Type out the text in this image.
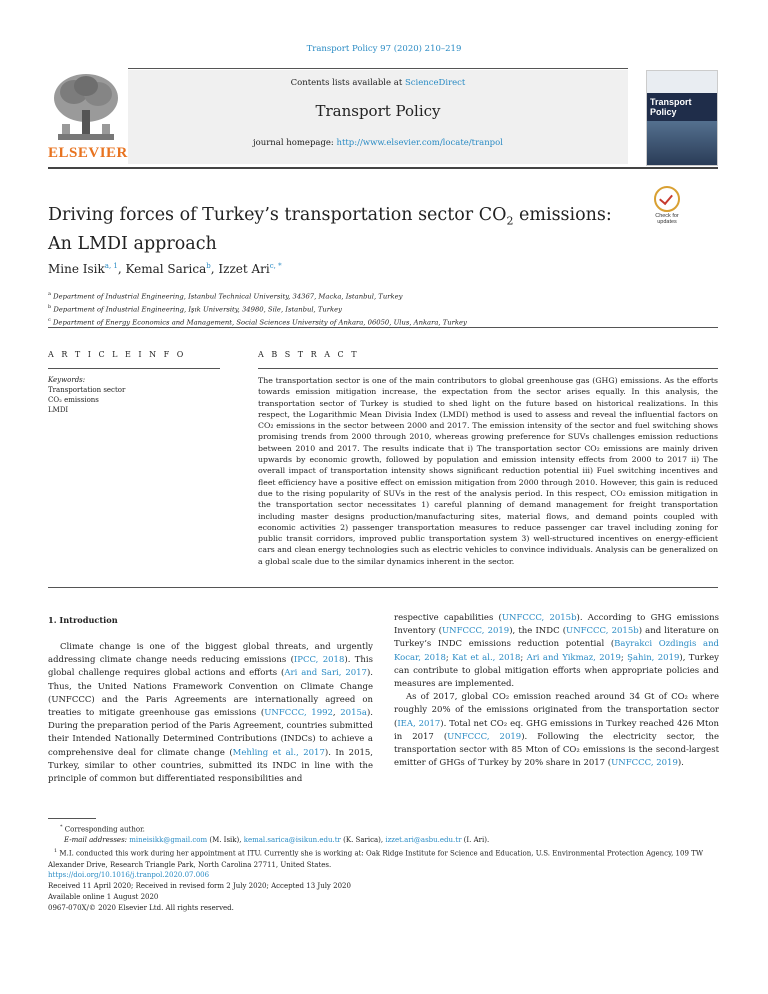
Transport Policy 97 (2020) 210–219
ELSEVIER
Contents lists available at ScienceDirect
Transport Policy
journal homepage: http://www.elsevier.com/locate/tranpol
Transport Policy
Check for updates
Driving forces of Turkey’s transportation sector $CO_2$ emissions: An LMDI approach
Mine Isik$^{a, 1}$, Kemal Sarica$^b$, Izzet Ari$^{c, *}$
$^a$ Department of Industrial Engineering, Istanbul Technical University, 34367, Macka, Istanbul, Turkey
$^b$ Department of Industrial Engineering, Işık University, 34980, Sile, Istanbul, Turkey
$^c$ Department of Energy Economics and Management, Social Sciences University of Ankara, 06050, Ulus, Ankara, Turkey
A R T I C L E I N F O	A B S T R A C T
Keywords:
Transportation sector
CO₂ emissions
LMDI
The transportation sector is one of the main contributors to global greenhouse gas (GHG) emissions. As the efforts towards emission mitigation increase, the expectation from the sector arises equally. In this analysis, the transportation sector of Turkey is studied to shed light on the future based on historical realizations. In this respect, the Logarithmic Mean Divisia Index (LMDI) method is used to assess and reveal the influential factors on CO₂ emissions in the sector between 2000 and 2017. The emission intensity of the sector and fuel switching shows promising trends from 2000 through 2010, whereas growing preference for SUVs challenges emission reductions between 2010 and 2017. The results indicate that i) The transportation sector CO₂ emissions are mainly driven upwards by economic growth, followed by population and emission intensity effects from 2000 to 2017 ii) The overall impact of transportation intensity shows significant reduction potential iii) Fuel switching incentives and fleet efficiency have a positive effect on emission mitigation from 2000 through 2010. However, this gain is reduced due to the rising popularity of SUVs in the rest of the analysis period. In this respect, CO₂ emission mitigation in the transportation sector necessitates 1) careful planning of demand management for freight transportation including master designs production/manufacturing sites, material flows, and demand points coupled with economic activities 2) passenger transportation measures to reduce passenger car travel including zoning for public transit corridors, improved public transportation system 3) well-structured incentives on energy-efficient cars and clean energy technologies such as electric vehicles to convince individuals. Analysis can be generalized on a global scale due to the similar dynamics inherent in the sector.
1. Introduction

Climate change is one of the biggest global threats, and urgently addressing climate change needs reducing emissions (IPCC, 2018). This global challenge requires global actions and efforts (Ari and Sari, 2017). Thus, the United Nations Framework Convention on Climate Change (UNFCCC) and the Paris Agreements are internationally agreed on treaties to mitigate greenhouse gas emissions (UNFCCC, 1992, 2015a). During the preparation period of the Paris Agreement, countries submitted their Intended Nationally Determined Contributions (INDCs) to achieve a comprehensive deal for climate change (Mehling et al., 2017). In 2015, Turkey, similar to other countries, submitted its INDC in line with the principle of common but differentiated responsibilities and

respective capabilities (UNFCCC, 2015b). According to GHG emissions Inventory (UNFCCC, 2019), the INDC (UNFCCC, 2015b) and literature on Turkey’s INDC emissions reduction potential (Bayrakci Ozdingis and Kocar, 2018; Kat et al., 2018; Ari and Yikmaz, 2019; Şahin, 2019), Turkey can contribute to global mitigation efforts when appropriate policies and measures are implemented.

As of 2017, global CO₂ emission reached around 34 Gt of CO₂ where roughly 20% of the emissions originated from the transportation sector (IEA, 2017). Total net CO₂ eq. GHG emissions in Turkey reached 426 Mton in 2017 (UNFCCC, 2019). Following the electricity sector, the transportation sector with 85 Mton of CO₂ emissions is the second-largest emitter of GHGs of Turkey by 20% share in 2017 (UNFCCC, 2019).

* Corresponding author.
E-mail addresses: mineisikk@gmail.com (M. Isik), kemal.sarica@isikun.edu.tr (K. Sarica), izzet.ari@asbu.edu.tr (I. Ari).
$^1$ M.I. conducted this work during her appointment at ITU. Currently she is working at: Oak Ridge Institute for Science and Education, U.S. Environmental Protection Agency, 109 TW Alexander Drive, Research Triangle Park, North Carolina 27711, United States.
https://doi.org/10.1016/j.tranpol.2020.07.006
Received 11 April 2020; Received in revised form 2 July 2020; Accepted 13 July 2020
Available online 1 August 2020
0967-070X/© 2020 Elsevier Ltd. All rights reserved.
